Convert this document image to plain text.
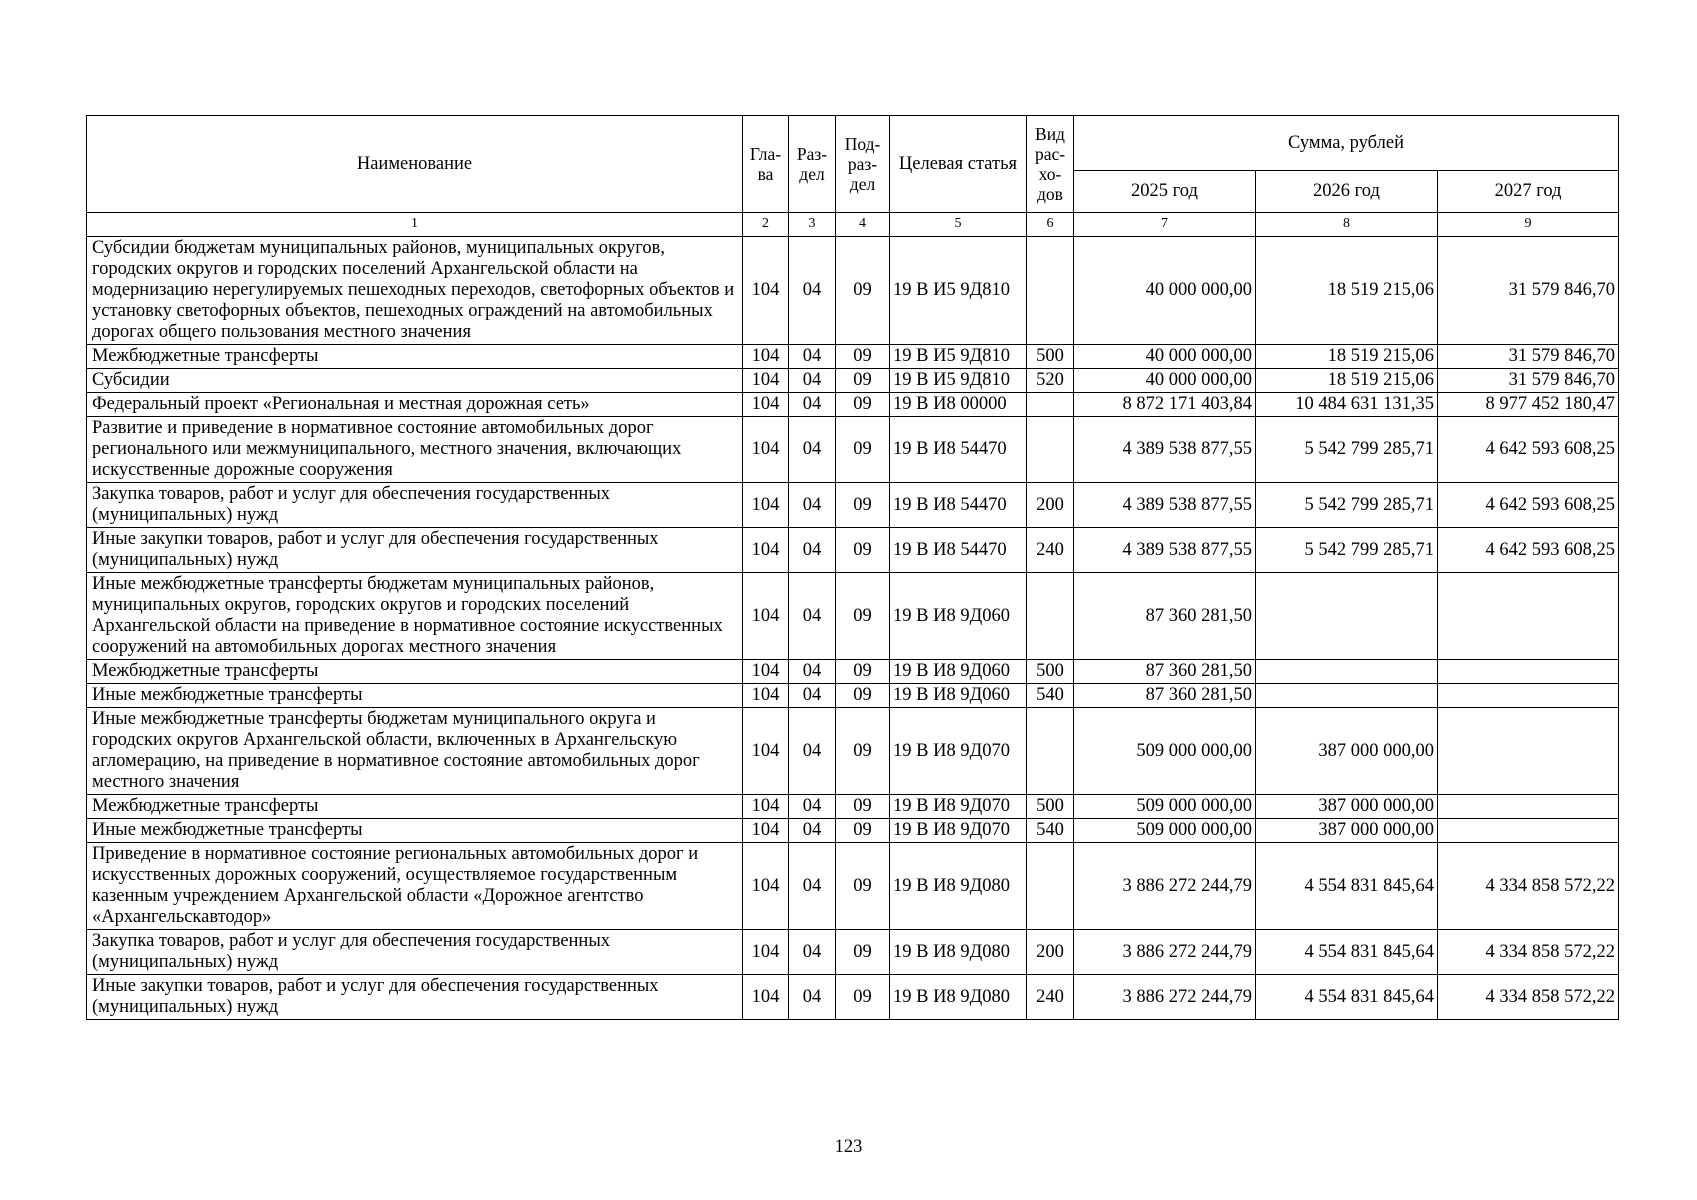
Наименование	Гла-ва	Раз-дел	Под-раз-дел	Целевая статья	Вид рас-хо-дов	Сумма, рублей		
						2025 год	2026 год	2027 год
1	2	3	4	5	6	7	8	9
Субсидии бюджетам муниципальных районов, муниципальных округов, городских округов и городских поселений Архангельской области на модернизацию нерегулируемых пешеходных переходов, светофорных объектов и установку светофорных объектов, пешеходных ограждений на автомобильных дорогах общего пользования местного значения	104	04	09	19 В И5 9Д810		40 000 000,00	18 519 215,06	31 579 846,70
Межбюджетные трансферты	104	04	09	19 В И5 9Д810	500	40 000 000,00	18 519 215,06	31 579 846,70
Субсидии	104	04	09	19 В И5 9Д810	520	40 000 000,00	18 519 215,06	31 579 846,70
Федеральный проект «Региональная и местная дорожная сеть»	104	04	09	19 В И8 00000		8 872 171 403,84	10 484 631 131,35	8 977 452 180,47
Развитие и приведение в нормативное состояние автомобильных дорог регионального или межмуниципального, местного значения, включающих искусственные дорожные сооружения	104	04	09	19 В И8 54470		4 389 538 877,55	5 542 799 285,71	4 642 593 608,25
Закупка товаров, работ и услуг для обеспечения государственных (муниципальных) нужд	104	04	09	19 В И8 54470	200	4 389 538 877,55	5 542 799 285,71	4 642 593 608,25
Иные закупки товаров, работ и услуг для обеспечения государственных (муниципальных) нужд	104	04	09	19 В И8 54470	240	4 389 538 877,55	5 542 799 285,71	4 642 593 608,25
Иные межбюджетные трансферты бюджетам муниципальных районов, муниципальных округов, городских округов и городских поселений Архангельской области на приведение в нормативное состояние искусственных сооружений на автомобильных дорогах местного значения	104	04	09	19 В И8 9Д060		87 360 281,50		
Межбюджетные трансферты	104	04	09	19 В И8 9Д060	500	87 360 281,50		
Иные межбюджетные трансферты	104	04	09	19 В И8 9Д060	540	87 360 281,50		
Иные межбюджетные трансферты бюджетам муниципального округа и городских округов Архангельской области, включенных в Архангельскую агломерацию, на приведение в нормативное состояние автомобильных дорог местного значения	104	04	09	19 В И8 9Д070		509 000 000,00	387 000 000,00	
Межбюджетные трансферты	104	04	09	19 В И8 9Д070	500	509 000 000,00	387 000 000,00	
Иные межбюджетные трансферты	104	04	09	19 В И8 9Д070	540	509 000 000,00	387 000 000,00	
Приведение в нормативное состояние региональных автомобильных дорог и искусственных дорожных сооружений, осуществляемое государственным казенным учреждением Архангельской области «Дорожное агентство «Архангельскавтодор»	104	04	09	19 В И8 9Д080		3 886 272 244,79	4 554 831 845,64	4 334 858 572,22
Закупка товаров, работ и услуг для обеспечения государственных (муниципальных) нужд	104	04	09	19 В И8 9Д080	200	3 886 272 244,79	4 554 831 845,64	4 334 858 572,22
Иные закупки товаров, работ и услуг для обеспечения государственных (муниципальных) нужд	104	04	09	19 В И8 9Д080	240	3 886 272 244,79	4 554 831 845,64	4 334 858 572,22
123
